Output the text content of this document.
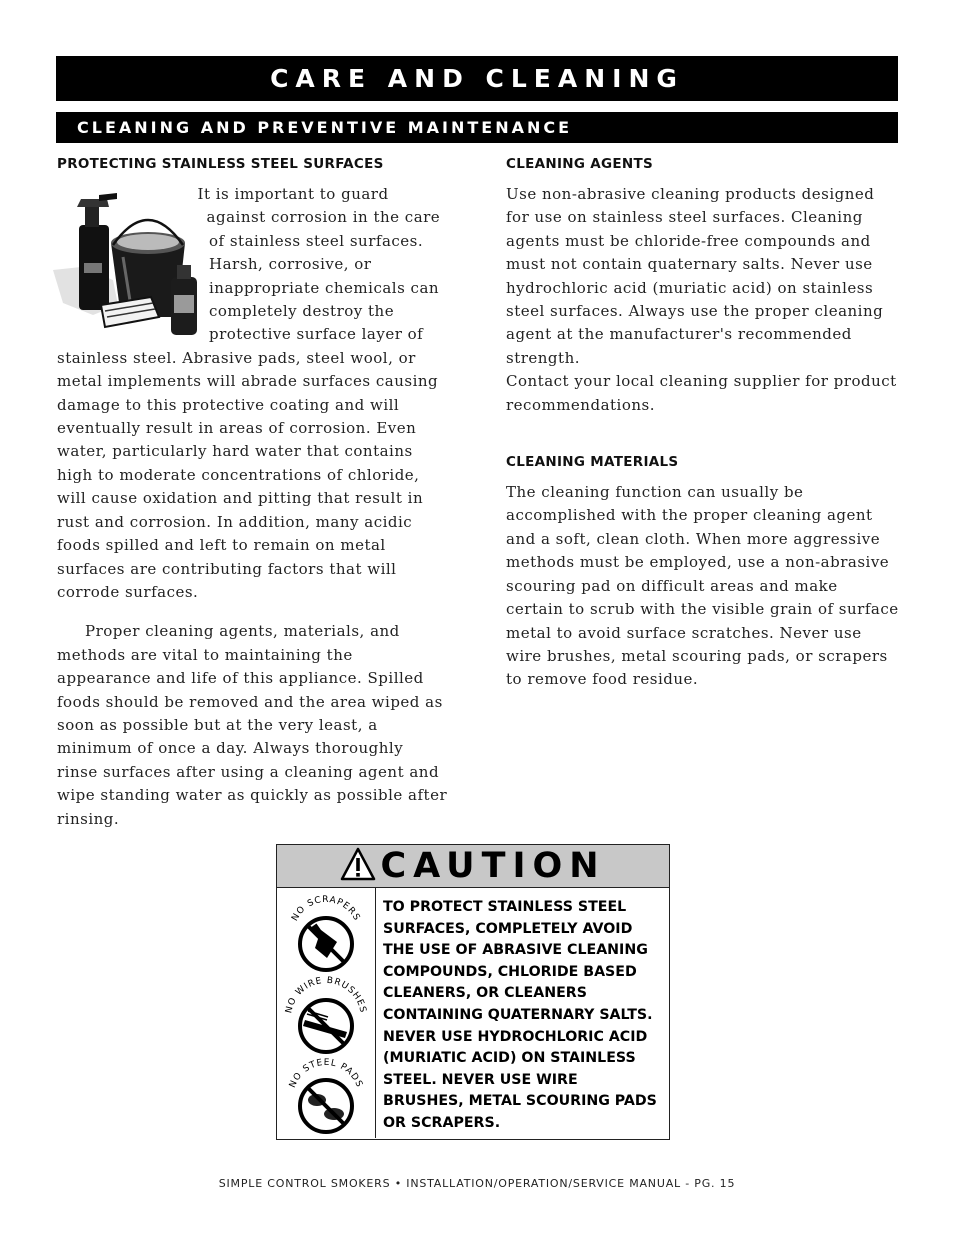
CARE AND CLEANING
CLEANING AND PREVENTIVE MAINTENANCE
PROTECTING STAINLESS STEEL SURFACES

It is important to guard against corrosion in the care of stainless steel surfaces. Harsh, corrosive, or inappropriate chemicals can completely destroy the protective surface layer of stainless steel. Abrasive pads, steel wool, or metal implements will abrade surfaces causing damage to this protective coating and will eventually result in areas of corrosion. Even water, particularly hard water that contains high to moderate concentrations of chloride, will cause oxidation and pitting that result in rust and corrosion. In addition, many acidic foods spilled and left to remain on metal surfaces are contributing factors that will corrode surfaces.

Proper cleaning agents, materials, and methods are vital to maintaining the appearance and life of this appliance. Spilled foods should be removed and the area wiped as soon as possible but at the very least, a minimum of once a day. Always thoroughly rinse surfaces after using a cleaning agent and wipe standing water as quickly as possible after rinsing.

CLEANING AGENTS

Use non-abrasive cleaning products designed for use on stainless steel surfaces. Cleaning agents must be chloride-free compounds and must not contain quaternary salts. Never use hydrochloric acid (muriatic acid) on stainless steel surfaces. Always use the proper cleaning agent at the manufacturer's recommended strength.

Contact your local cleaning supplier for product recommendations.

CLEANING MATERIALS

The cleaning function can usually be accomplished with the proper cleaning agent and a soft, clean cloth. When more aggressive methods must be employed, use a non-abrasive scouring pad on difficult areas and make certain to scrub with the visible grain of surface metal to avoid surface scratches. Never use wire brushes, metal scouring pads, or scrapers to remove food residue.

CAUTION
NO SCRAPERS
NO WIRE BRUSHES
NO STEEL PADS
TO PROTECT STAINLESS STEEL SURFACES, COMPLETELY AVOID THE USE OF ABRASIVE CLEANING COMPOUNDS, CHLORIDE BASED CLEANERS, OR CLEANERS CONTAINING QUATERNARY SALTS. NEVER USE HYDROCHLORIC ACID (MURIATIC ACID) ON STAINLESS STEEL. NEVER USE WIRE BRUSHES, METAL SCOURING PADS OR SCRAPERS.
SIMPLE CONTROL SMOKERS • INSTALLATION/OPERATION/SERVICE MANUAL - PG. 15
